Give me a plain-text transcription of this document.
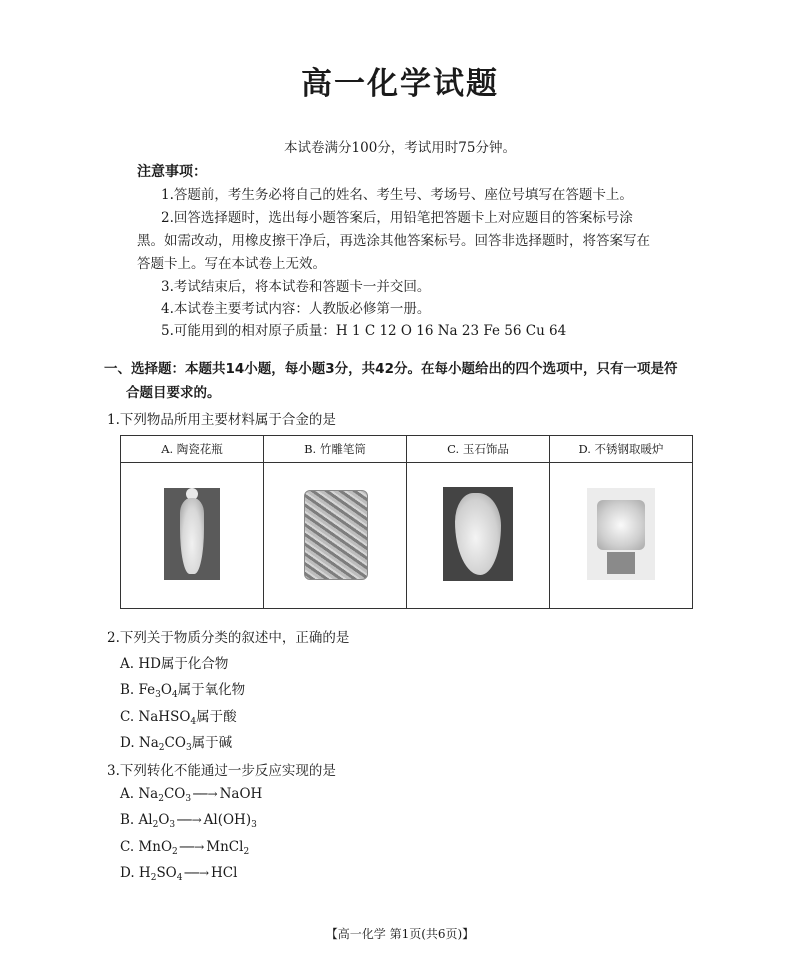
高一化学试题
本试卷满分100分，考试用时75分钟。
注意事项：
1.答题前，考生务必将自己的姓名、考生号、考场号、座位号填写在答题卡上。
2.回答选择题时，选出每小题答案后，用铅笔把答题卡上对应题目的答案标号涂
黑。如需改动，用橡皮擦干净后，再选涂其他答案标号。回答非选择题时，将答案写在
答题卡上。写在本试卷上无效。
3.考试结束后，将本试卷和答题卡一并交回。
4.本试卷主要考试内容：人教版必修第一册。
5.可能用到的相对原子质量：H 1 C 12 O 16 Na 23 Fe 56 Cu 64
一、选择题：本题共14小题，每小题3分，共42分。在每小题给出的四个选项中，只有一项是符
合题目要求的。
1.下列物品所用主要材料属于合金的是
A. 陶瓷花瓶	B. 竹雕笔筒	C. 玉石饰品	D. 不锈钢取暖炉

2.下列关于物质分类的叙述中，正确的是
A. HD属于化合物
B. $Fe_3O_4$属于氧化物
C. NaHSO$_4$属于酸
D. $Na_2CO_3$属于碱
3.下列转化不能通过一步反应实现的是
A. $Na_2CO_3$ ──→ NaOH
B. $Al_2O_3$ ──→ $Al(OH)_3$
C. MnO$_2$ ──→ MnCl$_2$
D. $H_2SO_4$ ──→ HCl
【高一化学 第1页(共6页)】
